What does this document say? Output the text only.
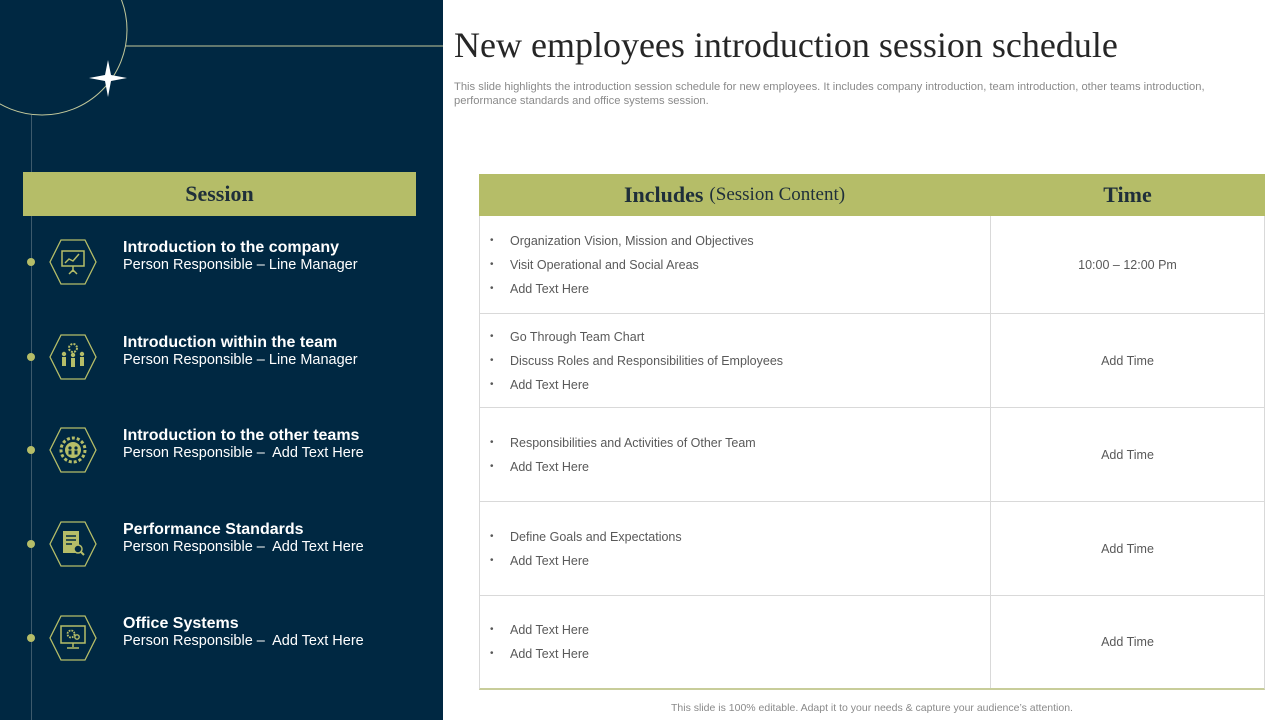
Session
Introduction to the company
Person Responsible – Line Manager
Introduction within the team
Person Responsible – Line Manager
Introduction to the other teams
Person Responsible –  Add Text Here
Performance Standards
Person Responsible –  Add Text Here
Office Systems
Person Responsible –  Add Text Here
New employees introduction session schedule
This slide highlights the introduction session schedule for new employees. It includes company introduction, team introduction, other teams introduction, performance standards and office systems session.
Includes (Session Content)	Time
•	Organization Vision, Mission and Objectives
•	Visit Operational and Social Areas
•	Add Text Here
10:00 – 12:00 Pm
•	Go Through Team Chart
•	Discuss Roles and Responsibilities of Employees
•	Add Text Here
Add Time
•	Responsibilities and Activities of Other Team
•	Add Text Here
Add Time
•	Define Goals and Expectations
•	Add Text Here
Add Time
•	Add Text Here
•	Add Text Here
Add Time
This slide is 100% editable. Adapt it to your needs & capture your audience’s attention.
